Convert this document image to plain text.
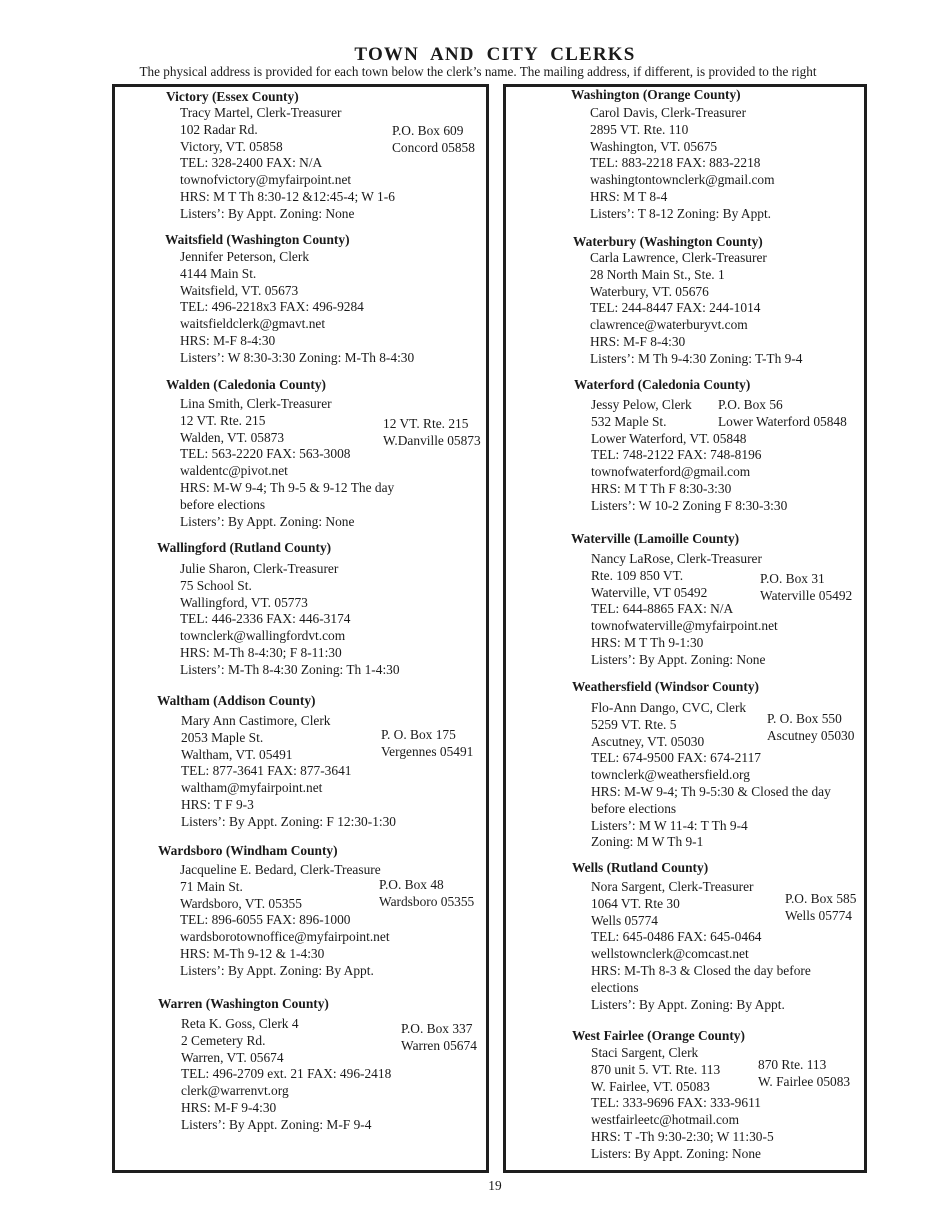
TOWN AND CITY CLERKS
The physical address is provided for each town below the clerk’s name. The mailing address, if different, is provided to the right
Victory (Essex County)
Tracy Martel, Clerk-Treasurer
102 Radar Rd.
Victory, VT. 05858
TEL: 328-2400 FAX: N/A
townofvictory@myfairpoint.net
HRS: M T Th 8:30-12 &12:45-4; W 1-6
Listers’: By Appt. Zoning: None
P.O. Box 609
Concord 05858
Waitsfield (Washington County)
Jennifer Peterson, Clerk
4144 Main St.
Waitsfield, VT. 05673
TEL: 496-2218x3 FAX: 496-9284
waitsfieldclerk@gmavt.net
HRS: M-F 8-4:30
Listers’: W 8:30-3:30 Zoning: M-Th 8-4:30
Walden (Caledonia County)
Lina Smith, Clerk-Treasurer
12 VT. Rte. 215
Walden, VT. 05873
TEL: 563-2220 FAX: 563-3008
waldentc@pivot.net
HRS: M-W 9-4; Th 9-5 & 9-12 The day
before elections
Listers’: By Appt. Zoning: None
12 VT. Rte. 215
W.Danville 05873
Wallingford (Rutland County)
Julie Sharon, Clerk-Treasurer
75 School St.
Wallingford, VT. 05773
TEL: 446-2336 FAX: 446-3174
townclerk@wallingfordvt.com
HRS: M-Th 8-4:30; F 8-11:30
Listers’: M-Th 8-4:30 Zoning: Th 1-4:30
Waltham (Addison County)
Mary Ann Castimore, Clerk
2053 Maple St.
Waltham, VT. 05491
TEL: 877-3641 FAX: 877-3641
waltham@myfairpoint.net
HRS: T F 9-3
Listers’: By Appt. Zoning: F 12:30-1:30
P. O. Box 175
Vergennes 05491
Wardsboro (Windham County)
Jacqueline E. Bedard, Clerk-Treasure
71 Main St.
Wardsboro, VT. 05355
TEL: 896-6055 FAX: 896-1000
wardsborotownoffice@myfairpoint.net
HRS: M-Th 9-12 & 1-4:30
Listers’: By Appt. Zoning: By Appt.
P.O. Box 48
Wardsboro 05355
Warren (Washington County)
Reta K. Goss, Clerk 4
2 Cemetery Rd.
Warren, VT. 05674
TEL: 496-2709 ext. 21 FAX: 496-2418
clerk@warrenvt.org
HRS: M-F 9-4:30
Listers’: By Appt. Zoning: M-F 9-4
P.O. Box 337
Warren 05674
Washington (Orange County)
Carol Davis, Clerk-Treasurer
2895 VT. Rte. 110
Washington, VT. 05675
TEL: 883-2218 FAX: 883-2218
washingtontownclerk@gmail.com
HRS: M T 8-4
Listers’: T 8-12 Zoning: By Appt.
Waterbury (Washington County)
Carla Lawrence, Clerk-Treasurer
28 North Main St., Ste. 1
Waterbury, VT. 05676
TEL: 244-8447 FAX: 244-1014
clawrence@waterburyvt.com
HRS: M-F 8-4:30
Listers’: M Th 9-4:30 Zoning: T-Th 9-4
Waterford (Caledonia County)
Jessy Pelow, Clerk
532 Maple St.
Lower Waterford, VT. 05848
TEL: 748-2122 FAX: 748-8196
townofwaterford@gmail.com
HRS: M T Th F 8:30-3:30
Listers’: W 10-2 Zoning F 8:30-3:30
P.O. Box 56
Lower Waterford 05848
Waterville (Lamoille County)
Nancy LaRose, Clerk-Treasurer
Rte. 109 850 VT.
Waterville, VT 05492
TEL: 644-8865 FAX: N/A
townofwaterville@myfairpoint.net
HRS: M T Th 9-1:30
Listers’: By Appt. Zoning: None
P.O. Box 31
Waterville 05492
Weathersfield (Windsor County)
Flo-Ann Dango, CVC, Clerk
5259 VT. Rte. 5
Ascutney, VT. 05030
TEL: 674-9500 FAX: 674-2117
townclerk@weathersfield.org
HRS: M-W 9-4; Th 9-5:30 & Closed the day
before elections
Listers’: M W 11-4: T Th 9-4
Zoning: M W Th 9-1
P. O. Box 550
Ascutney 05030
Wells (Rutland County)
Nora Sargent, Clerk-Treasurer
1064 VT. Rte 30
Wells 05774
TEL: 645-0486 FAX: 645-0464
wellstownclerk@comcast.net
HRS: M-Th 8-3 & Closed the day before
elections
Listers’: By Appt. Zoning: By Appt.
P.O. Box 585
Wells 05774
West Fairlee (Orange County)
Staci Sargent, Clerk
870 unit 5. VT. Rte. 113
W. Fairlee, VT. 05083
TEL: 333-9696 FAX: 333-9611
westfairleetc@hotmail.com
HRS: T -Th 9:30-2:30; W 11:30-5
Listers: By Appt. Zoning: None
870 Rte. 113
W. Fairlee 05083
19
